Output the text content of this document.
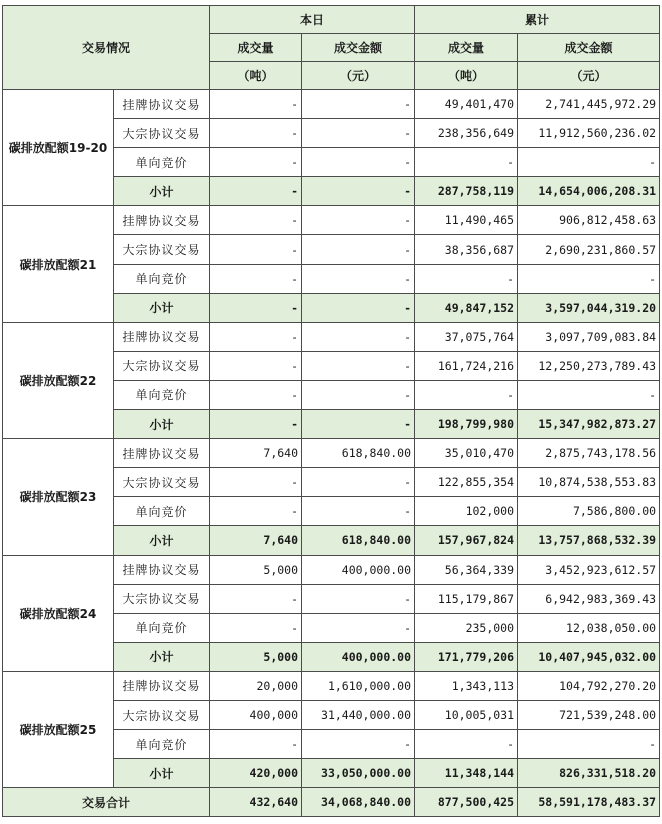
交易情况		本日		累计	
		成交量	成交金额	成交量	成交金额
		（吨）	（元）	（吨）	（元）
碳排放配额19-20	挂牌协议交易	-	-	49,401,470	2,741,445,972.29
	大宗协议交易	-	-	238,356,649	11,912,560,236.02
	单向竞价	-	-	-	-
	小计	-	-	287,758,119	14,654,006,208.31
碳排放配额21	挂牌协议交易	-	-	11,490,465	906,812,458.63
	大宗协议交易	-	-	38,356,687	2,690,231,860.57
	单向竞价	-	-	-	-
	小计	-	-	49,847,152	3,597,044,319.20
碳排放配额22	挂牌协议交易	-	-	37,075,764	3,097,709,083.84
	大宗协议交易	-	-	161,724,216	12,250,273,789.43
	单向竞价	-	-	-	-
	小计	-	-	198,799,980	15,347,982,873.27
碳排放配额23	挂牌协议交易	7,640	618,840.00	35,010,470	2,875,743,178.56
	大宗协议交易	-	-	122,855,354	10,874,538,553.83
	单向竞价	-	-	102,000	7,586,800.00
	小计	7,640	618,840.00	157,967,824	13,757,868,532.39
碳排放配额24	挂牌协议交易	5,000	400,000.00	56,364,339	3,452,923,612.57
	大宗协议交易	-	-	115,179,867	6,942,983,369.43
	单向竞价	-	-	235,000	12,038,050.00
	小计	5,000	400,000.00	171,779,206	10,407,945,032.00
碳排放配额25	挂牌协议交易	20,000	1,610,000.00	1,343,113	104,792,270.20
	大宗协议交易	400,000	31,440,000.00	10,005,031	721,539,248.00
	单向竞价	-	-	-	-
	小计	420,000	33,050,000.00	11,348,144	826,331,518.20
交易合计		432,640	34,068,840.00	877,500,425	58,591,178,483.37
